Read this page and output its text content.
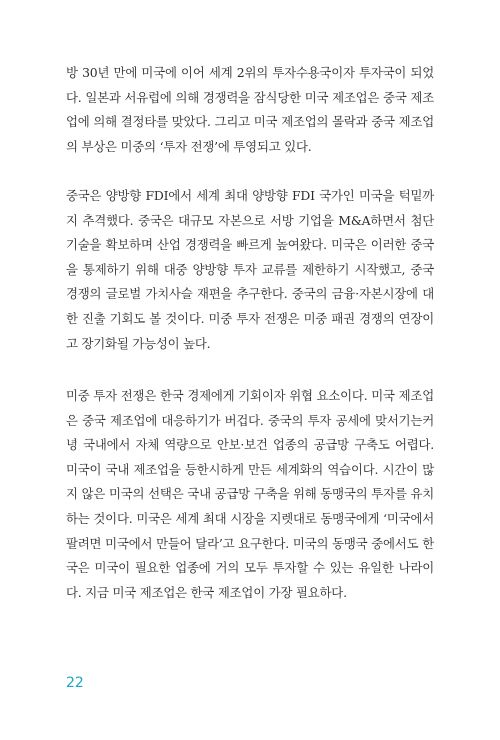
방 30년 만에 미국에 이어 세계 2위의 투자수용국이자 투자국이 되었다. 일본과 서유럽에 의해 경쟁력을 잠식당한 미국 제조업은 중국 제조업에 의해 결정타를 맞았다. 그리고 미국 제조업의 몰락과 중국 제조업의 부상은 미중의 ‘투자 전쟁’에 투영되고 있다.

중국은 양방향 FDI에서 세계 최대 양방향 FDI 국가인 미국을 턱밑까지 추격했다. 중국은 대규모 자본으로 서방 기업을 M&A하면서 첨단 기술을 확보하며 산업 경쟁력을 빠르게 높여왔다. 미국은 이러한 중국을 통제하기 위해 대중 양방향 투자 교류를 제한하기 시작했고, 중국 경쟁의 글로벌 가치사슬 재편을 추구한다. 중국의 금융·자본시장에 대한 진출 기회도 볼 것이다. 미중 투자 전쟁은 미중 패권 경쟁의 연장이고 장기화될 가능성이 높다.

미중 투자 전쟁은 한국 경제에게 기회이자 위협 요소이다. 미국 제조업은 중국 제조업에 대응하기가 버겁다. 중국의 투자 공세에 맞서기는커녕 국내에서 자체 역량으로 안보·보건 업종의 공급망 구축도 어렵다. 미국이 국내 제조업을 등한시하게 만든 세계화의 역습이다. 시간이 많지 않은 미국의 선택은 국내 공급망 구축을 위해 동맹국의 투자를 유치하는 것이다. 미국은 세계 최대 시장을 지렛대로 동맹국에게 ‘미국에서 팔려면 미국에서 만들어 달라’고 요구한다. 미국의 동맹국 중에서도 한국은 미국이 필요한 업종에 거의 모두 투자할 수 있는 유일한 나라이다. 지금 미국 제조업은 한국 제조업이 가장 필요하다.

22
